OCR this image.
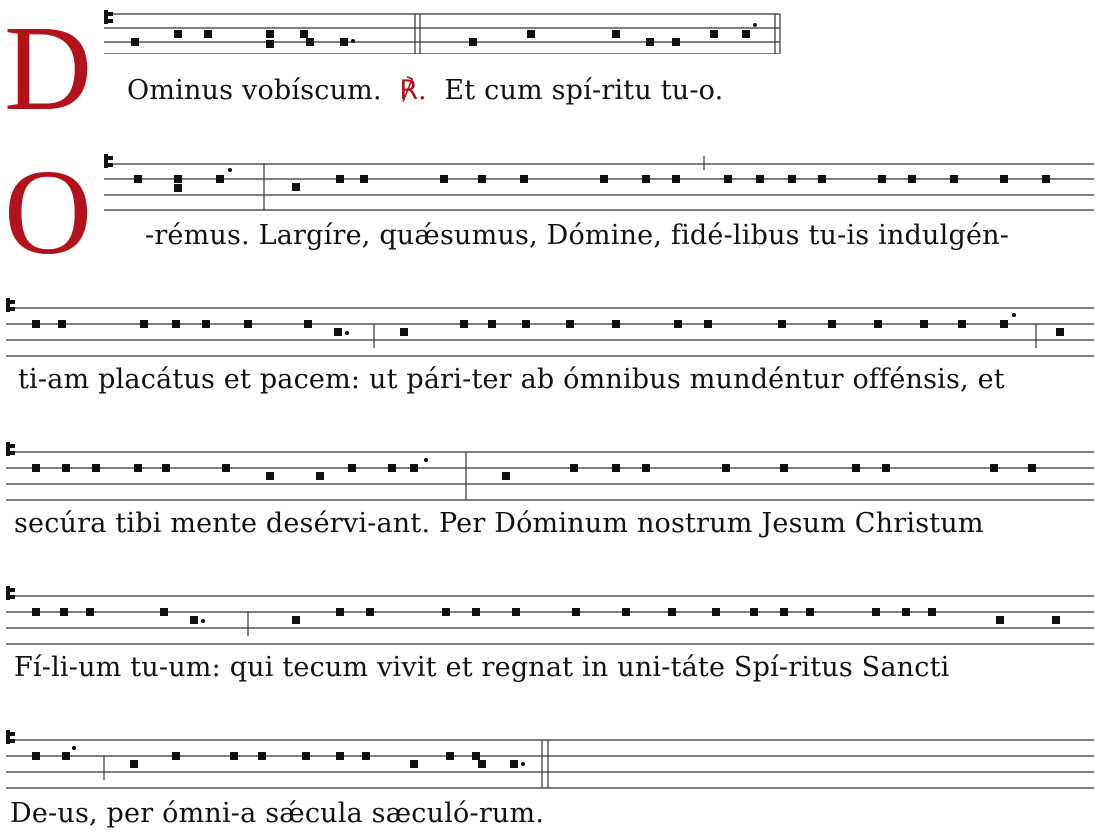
D Ominus vobíscum. ℟. Et cum spí-ritu tu-o.
O -rémus. Largíre, quǽsumus, Dómine, fidé-libus tu-is indulgén-
ti-am placátus et pacem: ut pári-ter ab ómnibus mundéntur offénsis, et
secúra tibi mente desérvi-ant. Per Dóminum nostrum Jesum Christum
Fí-li-um tu-um: qui tecum vivit et regnat in uni-táte Spí-ritus Sancti
De-us, per ómni-a sǽcula sæculó-rum.
